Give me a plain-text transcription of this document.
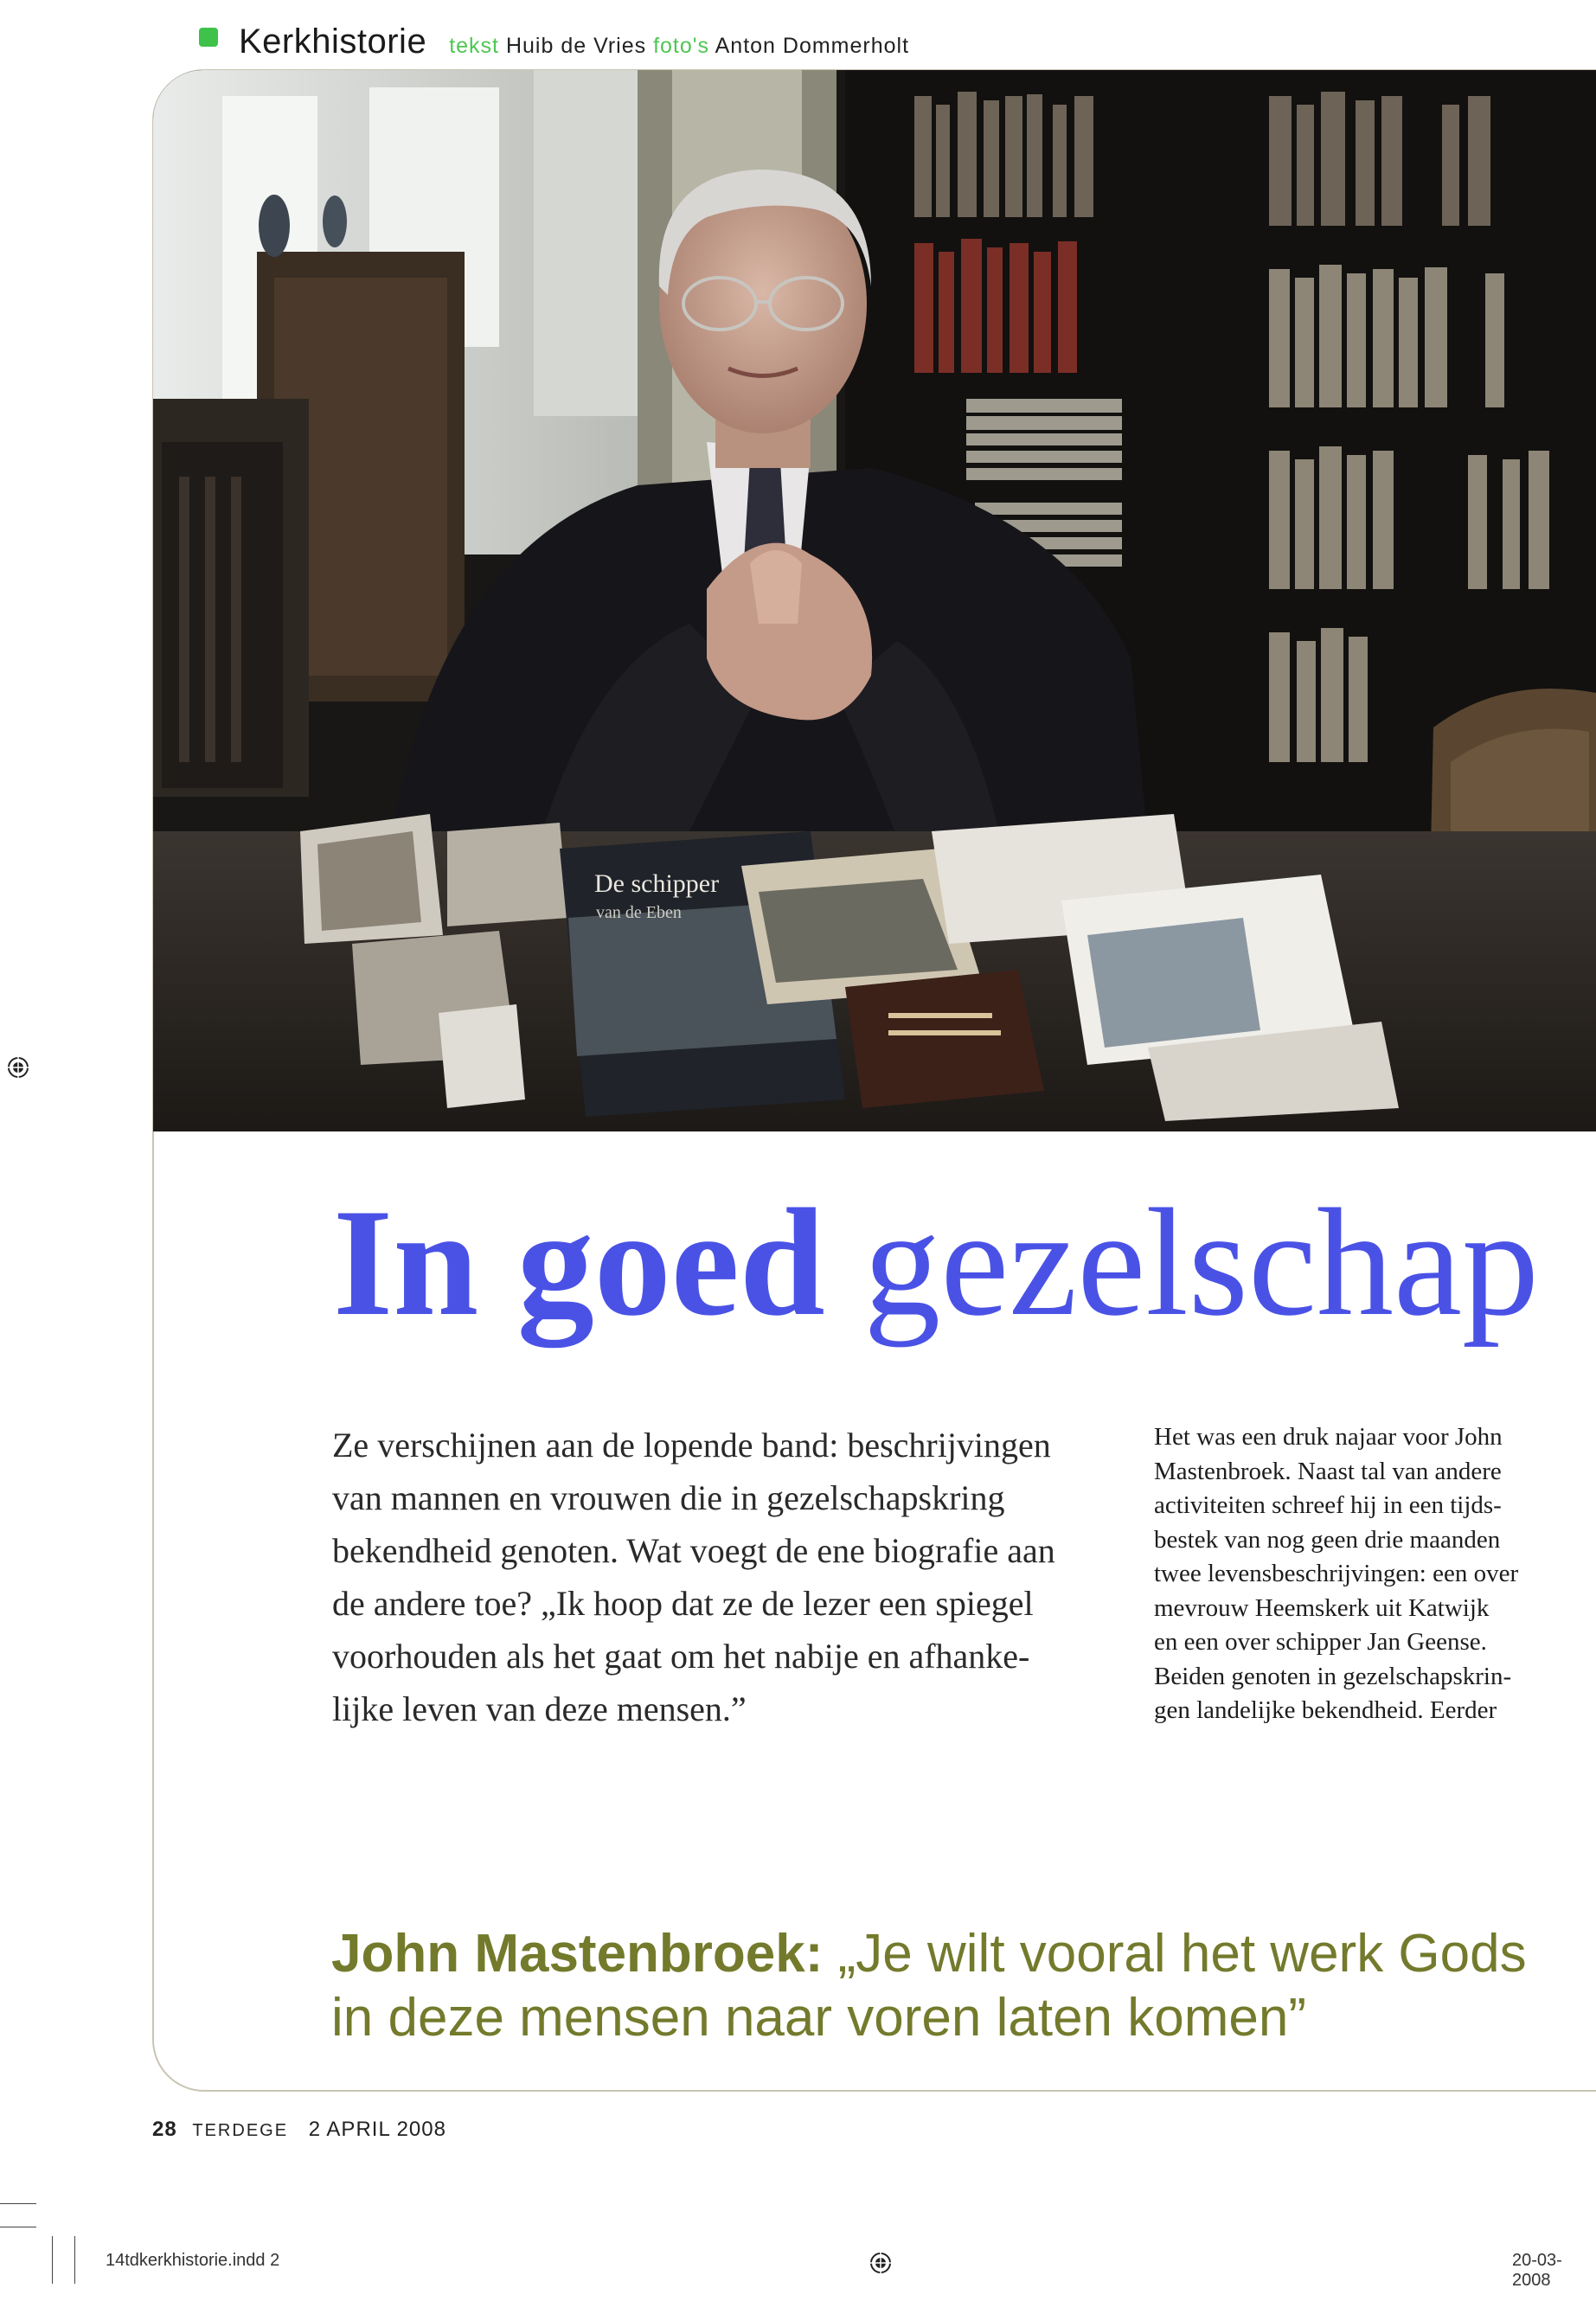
Kerkhistorie tekst Huib de Vries foto's Anton Dommerholt
De schipper
van de Eben
In goed gezelschap
Ze verschijnen aan de lopende band: beschrijvingen
van mannen en vrouwen die in gezelschapskring
bekendheid genoten. Wat voegt de ene biografie aan
de andere toe? „Ik hoop dat ze de lezer een spiegel
voorhouden als het gaat om het nabije en afhanke-
lijke leven van deze mensen.”
Het was een druk najaar voor John
Mastenbroek. Naast tal van andere
activiteiten schreef hij in een tijds-
bestek van nog geen drie maanden
twee levensbeschrijvingen: een over
mevrouw Heemskerk uit Katwijk
en een over schipper Jan Geense.
Beiden genoten in gezelschapskrin-
gen landelijke bekendheid. Eerder
John Mastenbroek: „Je wilt vooral het werk Gods
in deze mensen naar voren laten komen”
28 TERDEGE 2 APRIL 2008
14tdkerkhistorie.indd 2	20-03-2008
